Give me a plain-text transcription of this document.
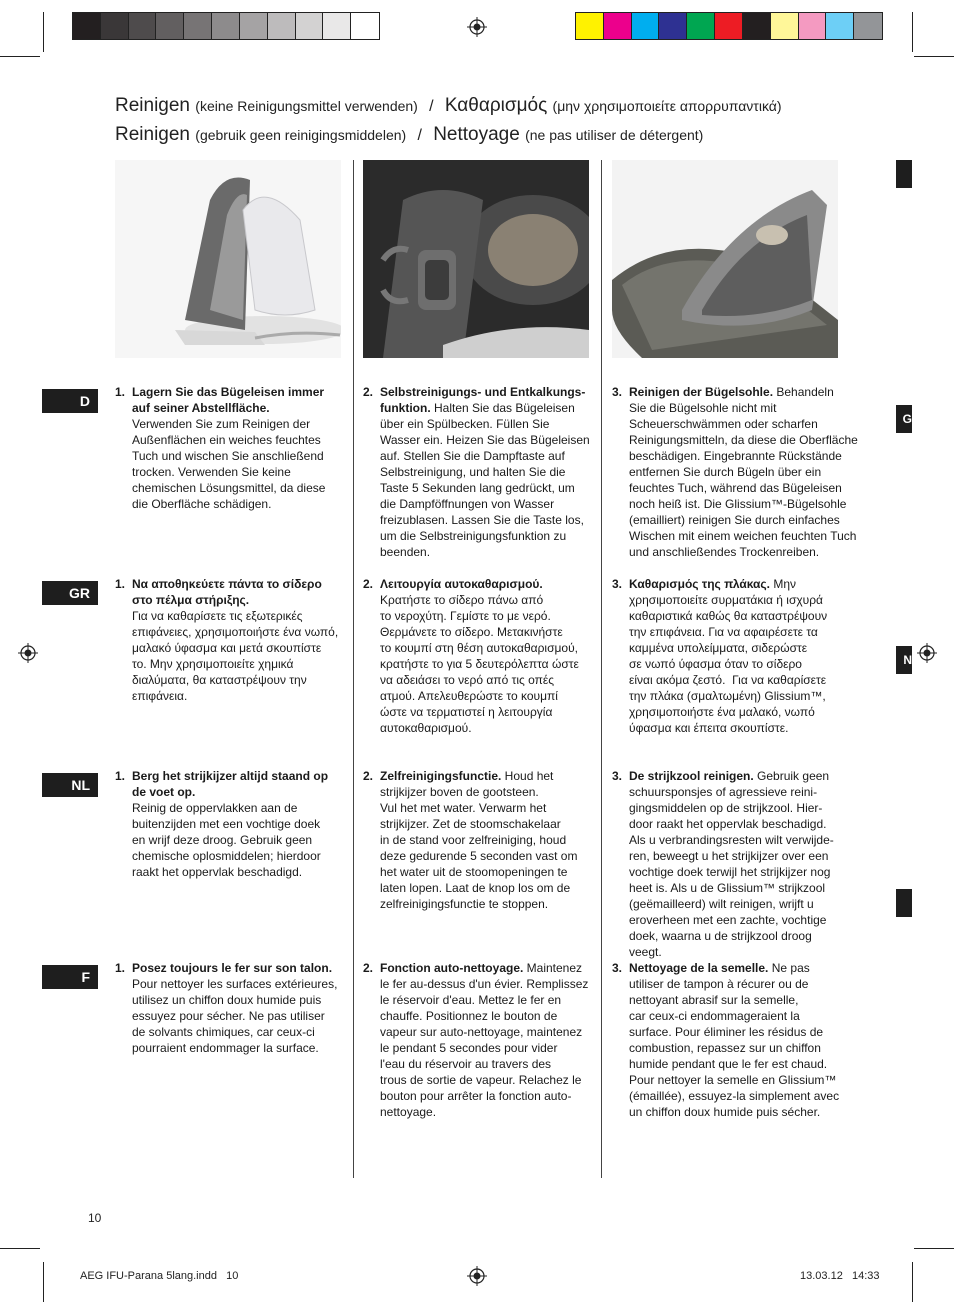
Reinigen (keine Reinigungsmittel verwenden) / Καθαρισμός (μην χρησιμοποιείτε απορρυπαντικά)
Reinigen (gebruik geen reinigingsmiddelen) / Nettoyage (ne pas utiliser de détergent)
D
GR
NL
F
G
N
1. Lagern Sie das Bügeleisen immer
auf seiner Abstellfläche.
Verwenden Sie zum Reinigen der
Außenflächen ein weiches feuchtes
Tuch und wischen Sie anschließend
trocken. Verwenden Sie keine
chemischen Lösungsmittel, da diese
die Oberfläche schädigen.
2. Selbstreinigungs- und Entkalkungs-
funktion. Halten Sie das Bügeleisen
über ein Spülbecken. Füllen Sie
Wasser ein. Heizen Sie das Bügeleisen
auf. Stellen Sie die Dampftaste auf
Selbstreinigung, und halten Sie die
Taste 5 Sekunden lang gedrückt, um
die Dampföffnungen von Wasser
freizublasen. Lassen Sie die Taste los,
um die Selbstreinigungsfunktion zu
beenden.
3. Reinigen der Bügelsohle. Behandeln
Sie die Bügelsohle nicht mit
Scheuerschwämmen oder scharfen
Reinigungsmitteln, da diese die Oberfläche
beschädigen. Eingebrannte Rückstände
entfernen Sie durch Bügeln über ein
feuchtes Tuch, während das Bügeleisen
noch heiß ist. Die Glissium™-Bügelsohle
(emailliert) reinigen Sie durch einfaches
Wischen mit einem weichen feuchten Tuch
und anschließendes Trockenreiben.
1. Να αποθηκεύετε πάντα το σίδερο
στο πέλμα στήριξης.
Για να καθαρίσετε τις εξωτερικές
επιφάνειες, χρησιμοποιήστε ένα νωπό,
μαλακό ύφασμα και μετά σκουπίστε
το. Μην χρησιμοποιείτε χημικά
διαλύματα, θα καταστρέψουν την
επιφάνεια.
2. Λειτουργία αυτοκαθαρισμού.
Κρατήστε το σίδερο πάνω από
το νεροχύτη. Γεμίστε το με νερό.
Θερμάνετε το σίδερο. Μετακινήστε
το κουμπί στη θέση αυτοκαθαρισμού,
κρατήστε το για 5 δευτερόλεπτα ώστε
να αδειάσει το νερό από τις οπές
ατμού. Απελευθερώστε το κουμπί
ώστε να τερματιστεί η λειτουργία
αυτοκαθαρισμού.
3. Καθαρισμός της πλάκας. Μην
χρησιμοποιείτε συρματάκια ή ισχυρά
καθαριστικά καθώς θα καταστρέψουν
την επιφάνεια. Για να αφαιρέσετε τα
καμμένα υπολείμματα, σιδερώστε
σε νωπό ύφασμα όταν το σίδερο
είναι ακόμα ζεστό.  Για να καθαρίσετε
την πλάκα (σμαλτωμένη) Glissium™,
χρησιμοποιήστε ένα μαλακό, νωπό
ύφασμα και έπειτα σκουπίστε.
1. Berg het strijkijzer altijd staand op
de voet op.
Reinig de oppervlakken aan de
buitenzijden met een vochtige doek
en wrijf deze droog. Gebruik geen
chemische oplosmiddelen; hierdoor
raakt het oppervlak beschadigd.
2. Zelfreinigingsfunctie. Houd het
strijkijzer boven de gootsteen.
Vul het met water. Verwarm het
strijkijzer. Zet de stoomschakelaar
in de stand voor zelfreiniging, houd
deze gedurende 5 seconden vast om
het water uit de stoomopeningen te
laten lopen. Laat de knop los om de
zelfreinigingsfunctie te stoppen.
3. De strijkzool reinigen. Gebruik geen
schuursponsjes of agressieve reini-
gingsmiddelen op de strijkzool. Hier-
door raakt het oppervlak beschadigd.
Als u verbrandingsresten wilt verwijde-
ren, beweegt u het strijkijzer over een
vochtige doek terwijl het strijkijzer nog
heet is. Als u de Glissium™ strijkzool
(geëmailleerd) wilt reinigen, wrijft u
eroverheen met een zachte, vochtige
doek, waarna u de strijkzool droog
veegt.
1. Posez toujours le fer sur son talon.
Pour nettoyer les surfaces extérieures,
utilisez un chiffon doux humide puis
essuyez pour sécher. Ne pas utiliser
de solvants chimiques, car ceux-ci
pourraient endommager la surface.
2. Fonction auto-nettoyage. Maintenez
le fer au-dessus d'un évier. Remplissez
le réservoir d'eau. Mettez le fer en
chauffe. Positionnez le bouton de
vapeur sur auto-nettoyage, maintenez
le pendant 5 secondes pour vider
l'eau du réservoir au travers des
trous de sortie de vapeur. Relachez le
bouton pour arrêter la fonction auto-
nettoyage.
3. Nettoyage de la semelle. Ne pas
utiliser de tampon à récurer ou de
nettoyant abrasif sur la semelle,
car ceux-ci endommageraient la
surface. Pour éliminer les résidus de
combustion, repassez sur un chiffon
humide pendant que le fer est chaud.
Pour nettoyer la semelle en Glissium™
(émaillée), essuyez-la simplement avec
un chiffon doux humide puis sécher.
10
AEG IFU-Parana 5lang.indd   10	13.03.12   14:33
